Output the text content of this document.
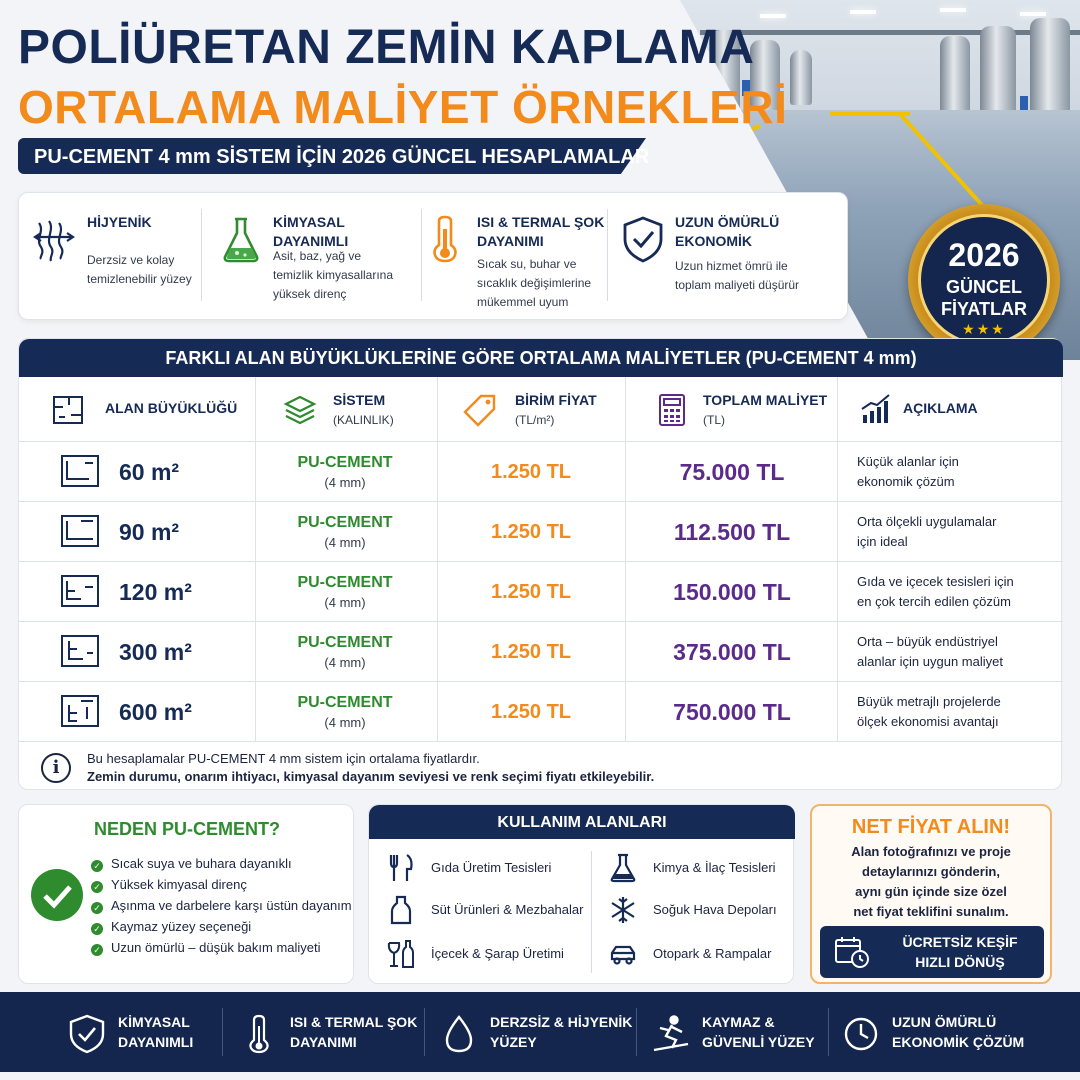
POLİÜRETAN ZEMİN KAPLAMA
ORTALAMA MALİYET ÖRNEKLERİ
PU-CEMENT 4 mm SİSTEM İÇİN 2026 GÜNCEL HESAPLAMALAR
HİJYENİK
Derzsiz ve kolay
temizlenebilir yüzey
KİMYASAL DAYANIMLI
Asit, baz, yağ ve
temizlik kimyasallarına
yüksek direnç
ISI & TERMAL ŞOK
DAYANIMI
Sıcak su, buhar ve
sıcaklık değişimlerine
mükemmel uyum
UZUN ÖMÜRLÜ
EKONOMİK
Uzun hizmet ömrü ile
toplam maliyeti düşürür
2026
GÜNCEL
FİYATLAR
★★★
FARKLI ALAN BÜYÜKLÜKLERİNE GÖRE ORTALAMA MALİYETLER (PU-CEMENT 4 mm)
ALAN BÜYÜKLÜĞÜ	SİSTEM
(KALINLIK)
BİRİM FİYAT
(TL/m²)
TOPLAM MALİYET
(TL)
AÇIKLAMA
60 m²	PU-CEMENT
(4 mm)	1.250 TL	75.000 TL	Küçük alanlar için
ekonomik çözüm
90 m²	PU-CEMENT
(4 mm)	1.250 TL	112.500 TL	Orta ölçekli uygulamalar
için ideal
120 m²	PU-CEMENT
(4 mm)	1.250 TL	150.000 TL	Gıda ve içecek tesisleri için
en çok tercih edilen çözüm
300 m²	PU-CEMENT
(4 mm)	1.250 TL	375.000 TL	Orta – büyük endüstriyel
alanlar için uygun maliyet
600 m²	PU-CEMENT
(4 mm)	1.250 TL	750.000 TL	Büyük metrajlı projelerde
ölçek ekonomisi avantajı
i	Bu hesaplamalar PU-CEMENT 4 mm sistem için ortalama fiyatlardır.
Zemin durumu, onarım ihtiyacı, kimyasal dayanım seviyesi ve renk seçimi fiyatı etkileyebilir.
NEDEN PU-CEMENT?
✓ Sıcak suya ve buhara dayanıklı
✓ Yüksek kimyasal direnç
✓ Aşınma ve darbelere karşı üstün dayanım
✓ Kaymaz yüzey seçeneği
✓ Uzun ömürlü – düşük bakım maliyeti
KULLANIM ALANLARI
Gıda Üretim Tesisleri
Süt Ürünleri & Mezbahalar
İçecek & Şarap Üretimi
Kimya & İlaç Tesisleri
Soğuk Hava Depoları
Otopark & Rampalar
NET FİYAT ALIN!
Alan fotoğrafınızı ve proje
detaylarınızı gönderin,
aynı gün içinde size özel
net fiyat teklifini sunalım.
ÜCRETSİZ KEŞİF
HIZLI DÖNÜŞ
KİMYASAL
DAYANIMLI
ISI & TERMAL ŞOK
DAYANIMI
DERZSİZ & HİJYENİK
YÜZEY
KAYMAZ &
GÜVENLİ YÜZEY
UZUN ÖMÜRLÜ
EKONOMİK ÇÖZÜM
